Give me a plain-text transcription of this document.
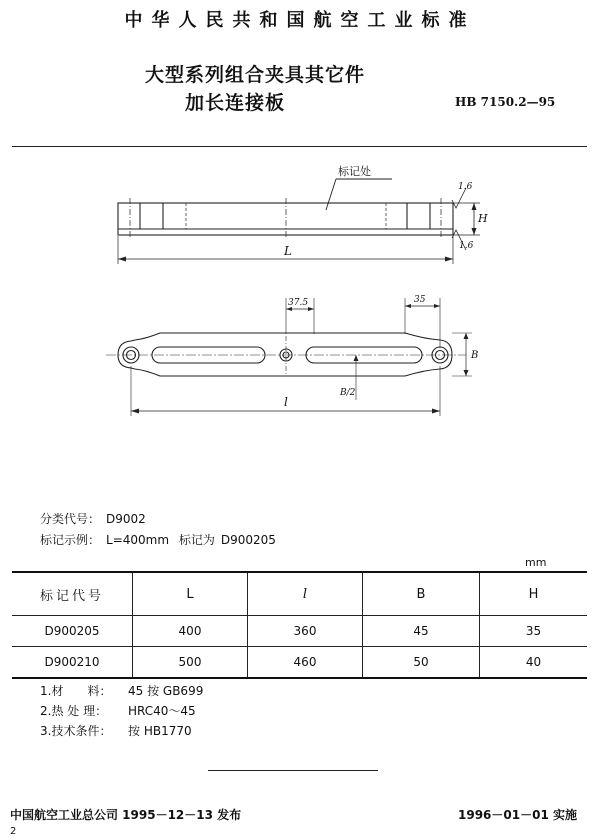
中华人民共和国航空工业标准
大型系列组合夹具其它件
加长连接板	HB 7150.2—95
标记处
L
H
1.6
1.6
37.5	35
B
B/2
l
分类代号： D9002
标记示例： L=400mm 标记为 D900205
mm
标记代号	L	l	B	H
D900205	400	360	45	35
D900210	500	460	50	40
1.材　　料： 45 按 GB699
2.热 处 理： HRC40～45
3.技术条件： 按 HB1770
中国航空工业总公司 1995－12－13 发布	1996－01－01 实施
2
